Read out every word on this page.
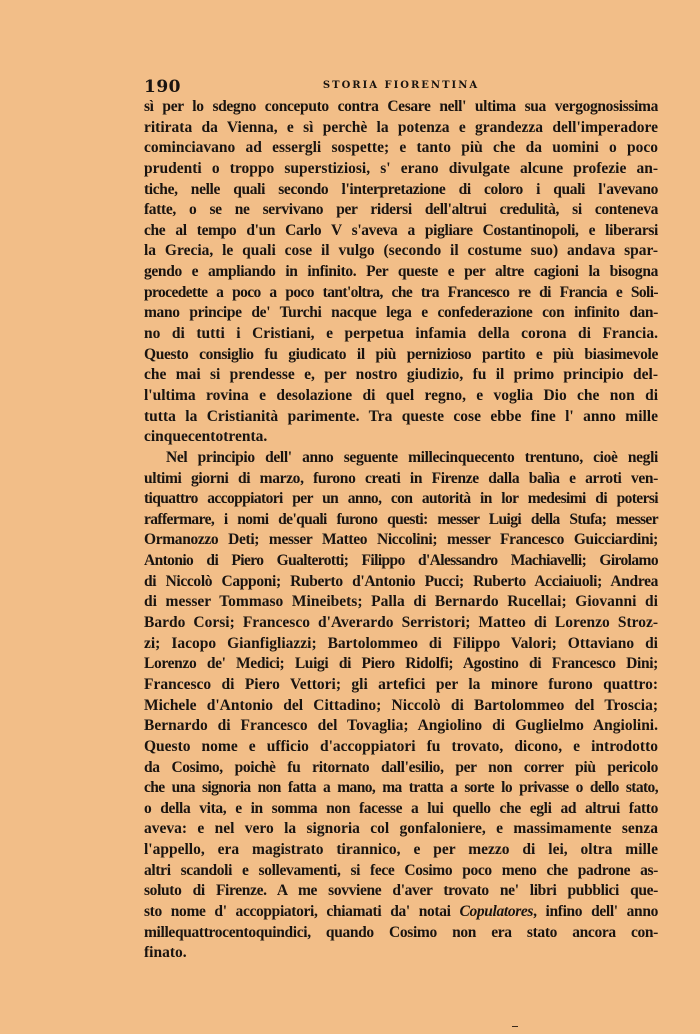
190	STORIA FIORENTINA
sì per lo sdegno conceputo contra Cesare nell' ultima sua vergognosissima
ritirata da Vienna, e sì perchè la potenza e grandezza dell'imperadore
cominciavano ad essergli sospette; e tanto più che da uomini o poco
prudenti o troppo superstiziosi, s' erano divulgate alcune profezie an-
tiche, nelle quali secondo l'interpretazione di coloro i quali l'avevano
fatte, o se ne servivano per ridersi dell'altrui credulità, si conteneva
che al tempo d'un Carlo V s'aveva a pigliare Costantinopoli, e liberarsi
la Grecia, le quali cose il vulgo (secondo il costume suo) andava spar-
gendo e ampliando in infinito. Per queste e per altre cagioni la bisogna
procedette a poco a poco tant'oltra, che tra Francesco re di Francia e Soli-
mano principe de' Turchi nacque lega e confederazione con infinito dan-
no di tutti i Cristiani, e perpetua infamia della corona di Francia.
Questo consiglio fu giudicato il più pernizioso partito e più biasimevole
che mai si prendesse e, per nostro giudizio, fu il primo principio del-
l'ultima rovina e desolazione di quel regno, e voglia Dio che non di
tutta la Cristianità parimente. Tra queste cose ebbe fine l' anno mille
cinquecentotrenta.
Nel principio dell' anno seguente millecinquecento trentuno, cioè negli
ultimi giorni di marzo, furono creati in Firenze dalla balìa e arroti ven-
tiquattro accoppiatori per un anno, con autorità in lor medesimi di potersi
raffermare, i nomi de'quali furono questi: messer Luigi della Stufa; messer
Ormanozzo Deti; messer Matteo Niccolini; messer Francesco Guicciardini;
Antonio di Piero Gualterotti; Filippo d'Alessandro Machiavelli; Girolamo
di Niccolò Capponi; Ruberto d'Antonio Pucci; Ruberto Acciaiuoli; Andrea
di messer Tommaso Mineibets; Palla di Bernardo Rucellai; Giovanni di
Bardo Corsi; Francesco d'Averardo Serristori; Matteo di Lorenzo Stroz-
zi; Iacopo Gianfigliazzi; Bartolommeo di Filippo Valori; Ottaviano di
Lorenzo de' Medici; Luigi di Piero Ridolfi; Agostino di Francesco Dini;
Francesco di Piero Vettori; gli artefici per la minore furono quattro:
Michele d'Antonio del Cittadino; Niccolò di Bartolommeo del Troscia;
Bernardo di Francesco del Tovaglia; Angiolino di Guglielmo Angiolini.
Questo nome e ufficio d'accoppiatori fu trovato, dicono, e introdotto
da Cosimo, poichè fu ritornato dall'esilio, per non correr più pericolo
che una signoria non fatta a mano, ma tratta a sorte lo privasse o dello stato,
o della vita, e in somma non facesse a lui quello che egli ad altrui fatto
aveva: e nel vero la signoria col gonfaloniere, e massimamente senza
l'appello, era magistrato tirannico, e per mezzo di lei, oltra mille
altri scandoli e sollevamenti, si fece Cosimo poco meno che padrone as-
soluto di Firenze. A me sovviene d'aver trovato ne' libri pubblici que-
sto nome d' accoppiatori, chiamati da' notai Copulatores, infino dell' anno
millequattrocentoquindici, quando Cosimo non era stato ancora con-
finato.
